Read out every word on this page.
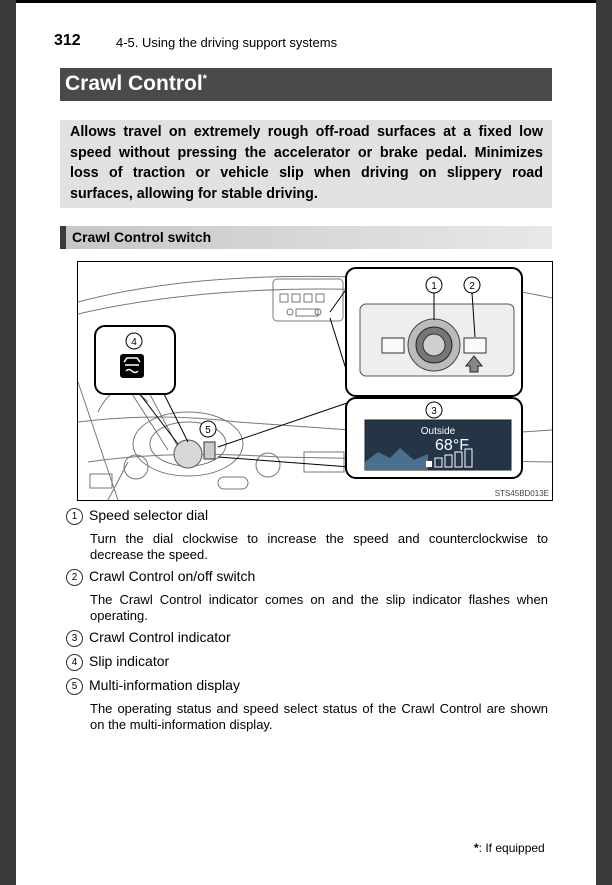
312	4-5. Using the driving support systems
Crawl Control*

Allows travel on extremely rough off-road surfaces at a fixed low speed without pressing the accelerator or brake pedal. Minimizes loss of traction or vehicle slip when driving on slippery road surfaces, allowing for stable driving.

Crawl Control switch
1	2
Outside
68°F
3
4
5
STS45BD013E
1 Speed selector dial

Turn the dial clockwise to increase the speed and counterclockwise to decrease the speed.

2 Crawl Control on/off switch

The Crawl Control indicator comes on and the slip indicator flashes when operating.

3 Crawl Control indicator
4 Slip indicator
5 Multi-information display

The operating status and speed select status of the Crawl Control are shown on the multi-information display.

*: If equipped
